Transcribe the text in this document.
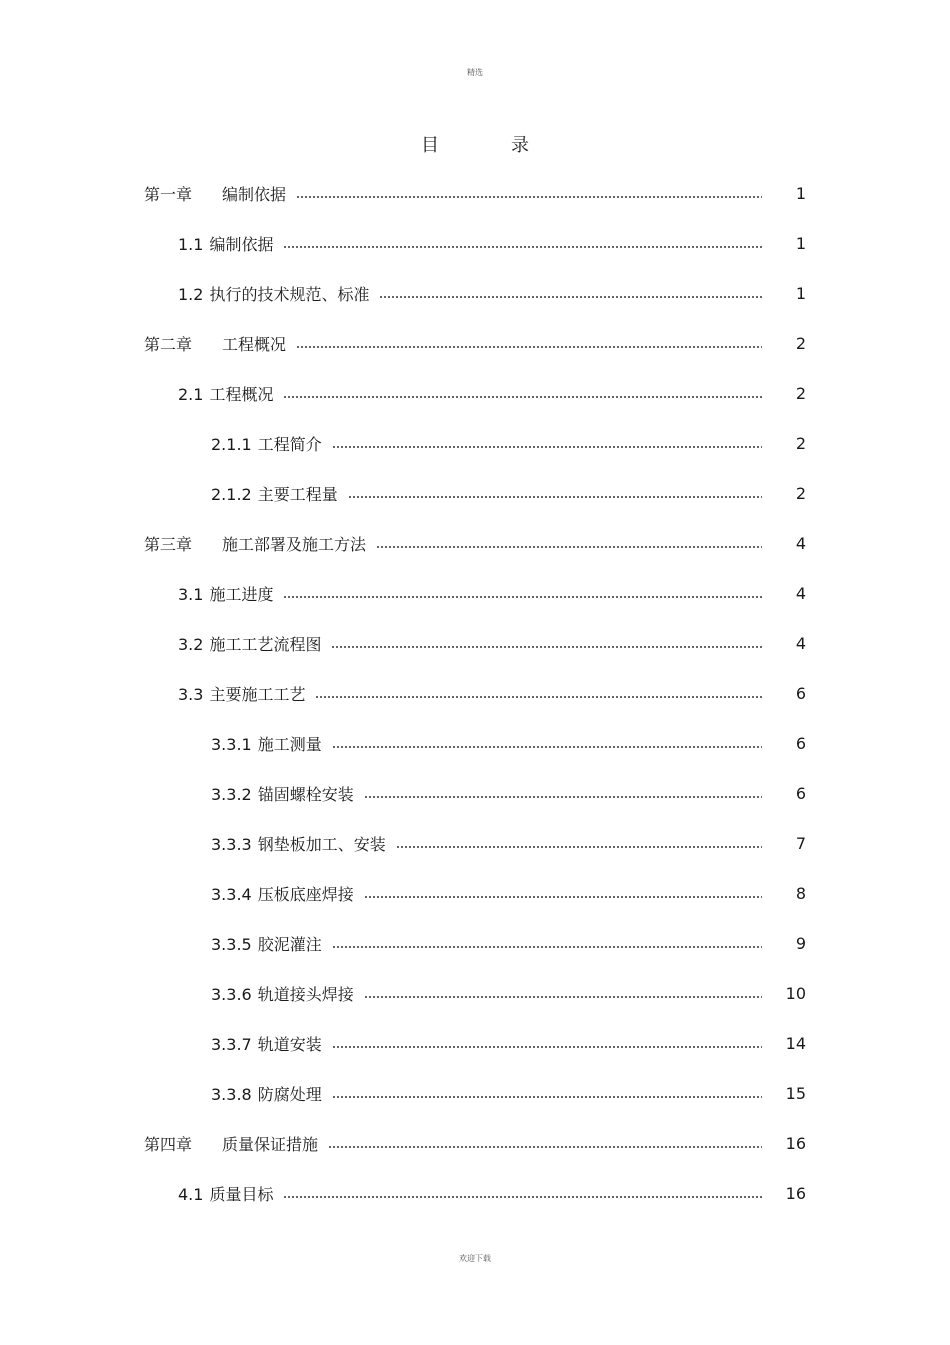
精选
目	录
第一章 编制依据	1
1.1 编制依据	1
1.2 执行的技术规范、标准	1
第二章 工程概况	2
2.1 工程概况	2
2.1.1 工程简介	2
2.1.2 主要工程量	2
第三章 施工部署及施工方法	4
3.1 施工进度	4
3.2 施工工艺流程图	4
3.3 主要施工工艺	6
3.3.1 施工测量	6
3.3.2 锚固螺栓安装	6
3.3.3 钢垫板加工、安装	7
3.3.4 压板底座焊接	8
3.3.5 胶泥灌注	9
3.3.6 轨道接头焊接	10
3.3.7 轨道安装	14
3.3.8 防腐处理	15
第四章 质量保证措施	16
4.1 质量目标	16
欢迎下载
